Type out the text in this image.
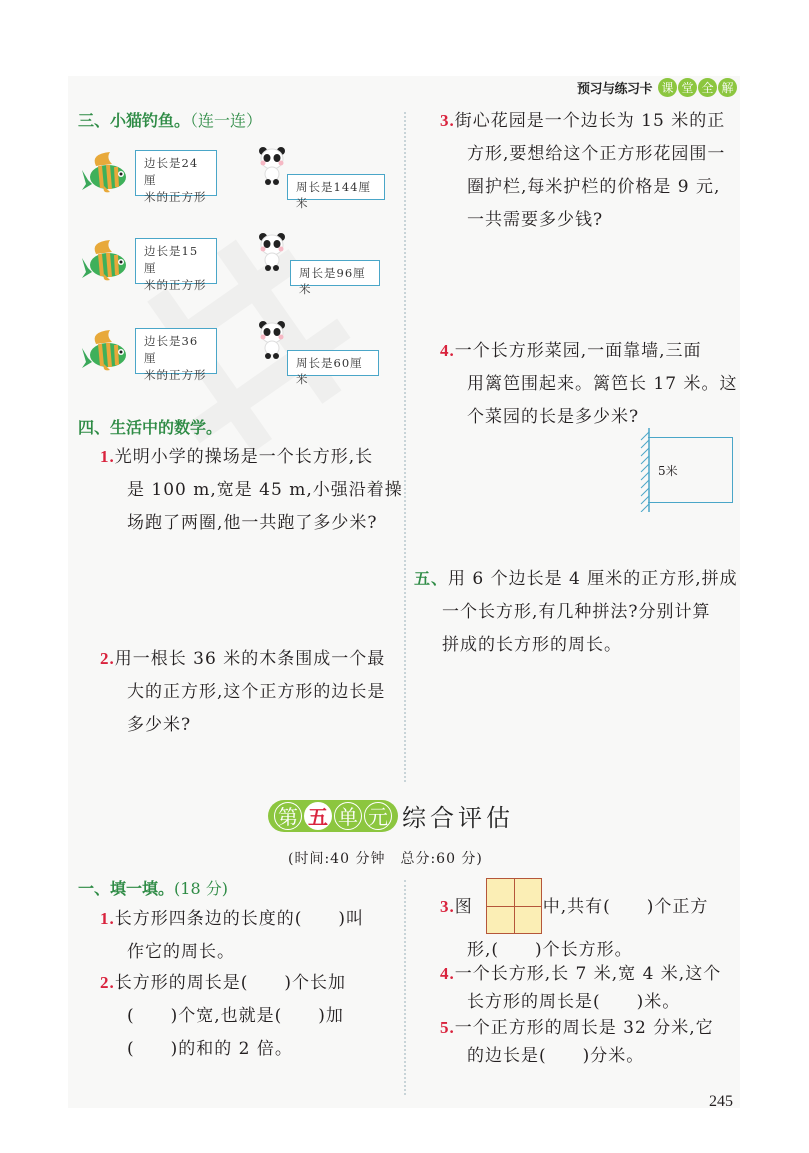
预习与练习卡 课 堂 全 解
三、小猫钓鱼。（连一连）
边长是24厘
米的正方形
周长是144厘米
边长是15厘
米的正方形
周长是96厘米
边长是36厘
米的正方形
周长是60厘米
四、生活中的数学。
1.光明小学的操场是一个长方形,长
是 100 m,宽是 45 m,小强沿着操
场跑了两圈,他一共跑了多少米?
2.用一根长 36 米的木条围成一个最
大的正方形,这个正方形的边长是
多少米?
3.街心花园是一个边长为 15 米的正
方形,要想给这个正方形花园围一
圈护栏,每米护栏的价格是 9 元,
一共需要多少钱?
4.一个长方形菜园,一面靠墙,三面
用篱笆围起来。篱笆长 17 米。这
个菜园的长是多少米?
5米
五、用 6 个边长是 4 厘米的正方形,拼成
一个长方形,有几种拼法?分别计算
拼成的长方形的周长。
第 五 单 元 综合评估
(时间:40 分钟　总分:60 分)
一、填一填。(18 分)
1.长方形四条边的长度的(　　)叫
作它的周长。
2.长方形的周长是(　　)个长加
(　　)个宽,也就是(　　)加
(　　)的和的 2 倍。
3.图	中,共有(　　)个正方
形,(　　)个长方形。
4.一个长方形,长 7 米,宽 4 米,这个
长方形的周长是(　　)米。
5.一个正方形的周长是 32 分米,它
的边长是(　　)分米。
245
